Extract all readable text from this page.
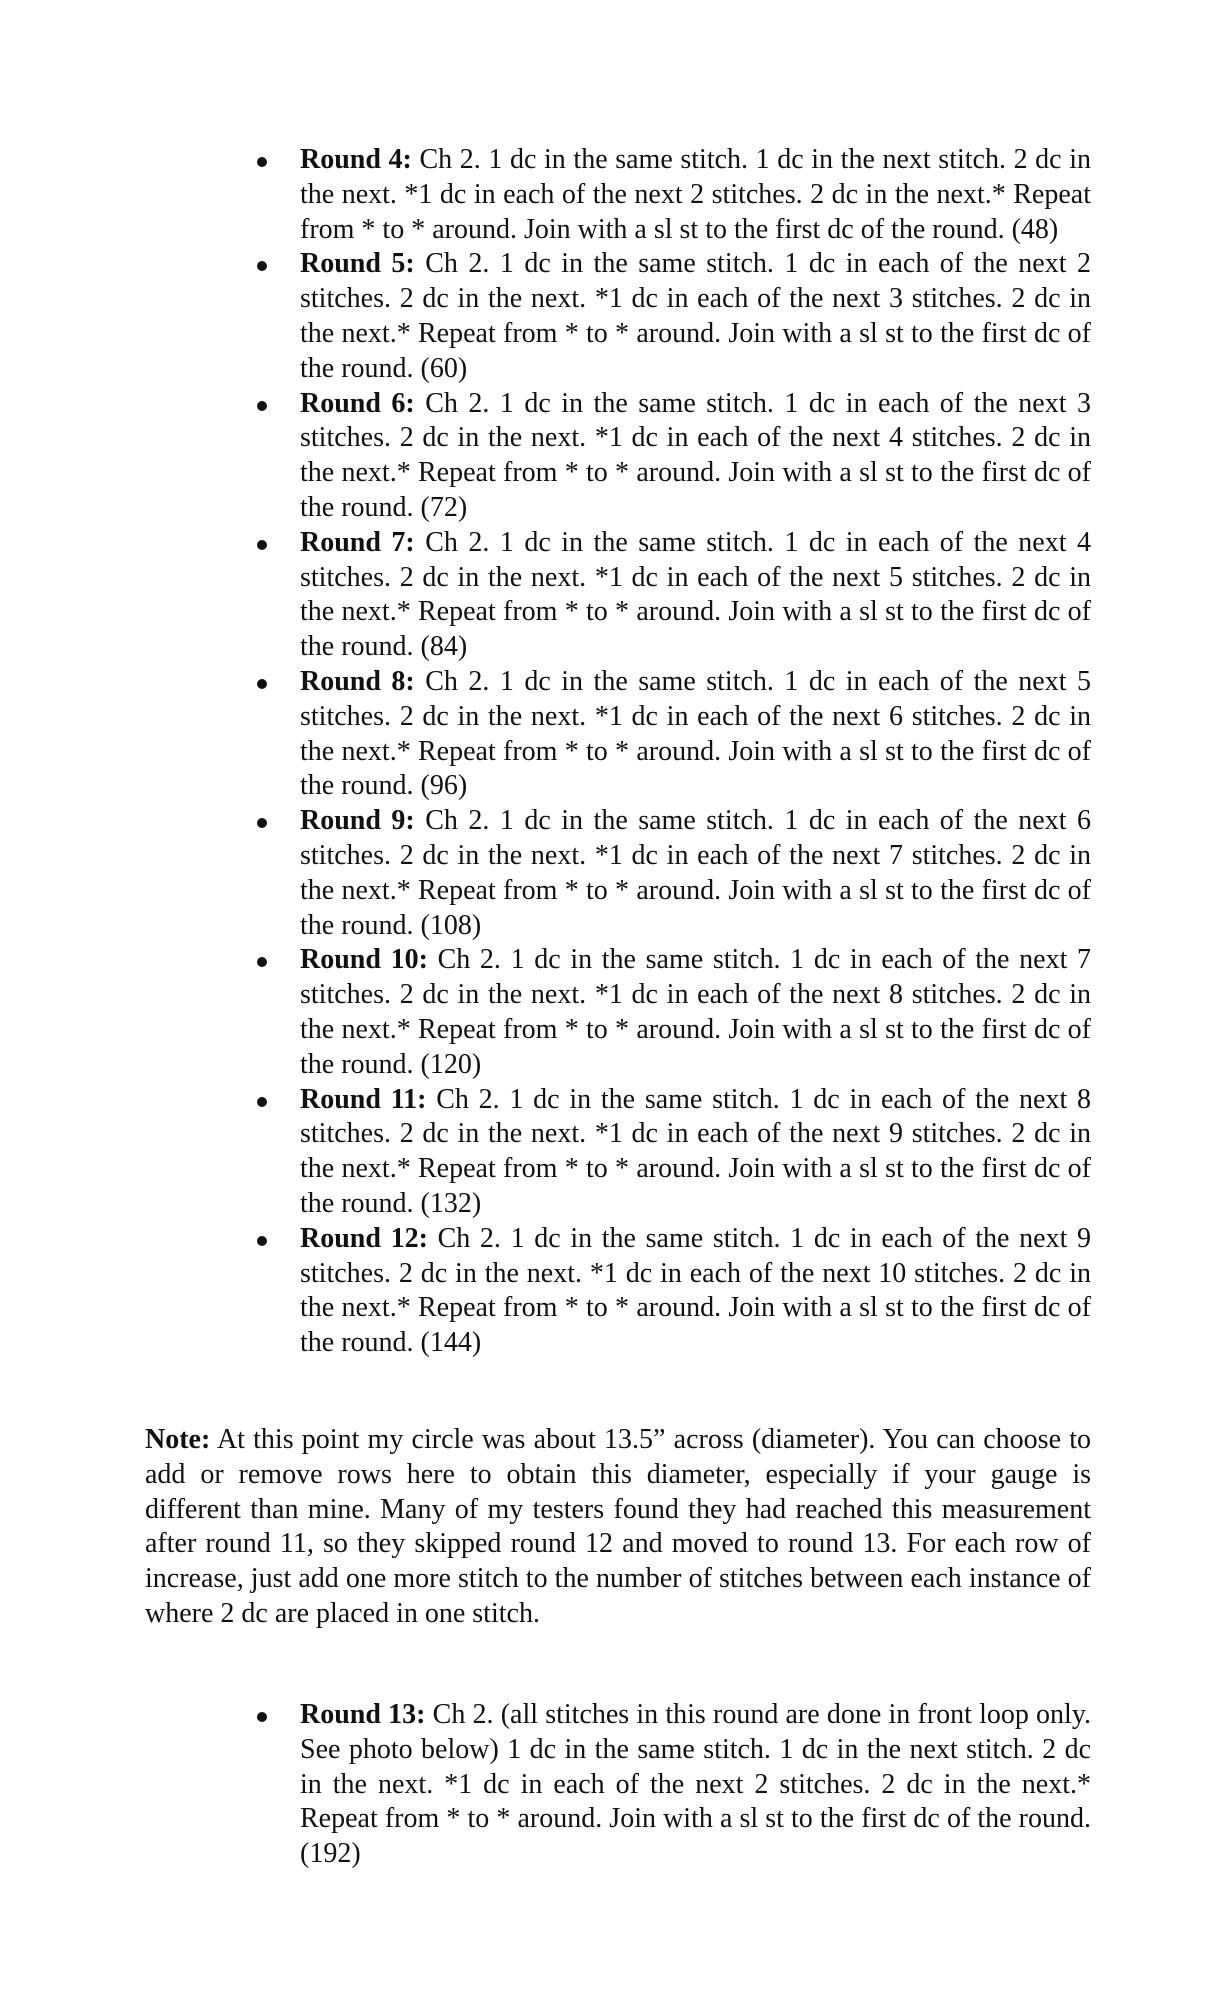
Round 4: Ch 2. 1 dc in the same stitch. 1 dc in the next stitch. 2 dc in the next. *1 dc in each of the next 2 stitches. 2 dc in the next.* Repeat from * to * around. Join with a sl st to the first dc of the round. (48)
Round 5: Ch 2. 1 dc in the same stitch. 1 dc in each of the next 2 stitches. 2 dc in the next. *1 dc in each of the next 3 stitches. 2 dc in the next.* Repeat from * to * around. Join with a sl st to the first dc of the round. (60)
Round 6: Ch 2. 1 dc in the same stitch. 1 dc in each of the next 3 stitches. 2 dc in the next. *1 dc in each of the next 4 stitches. 2 dc in the next.* Repeat from * to * around. Join with a sl st to the first dc of the round. (72)
Round 7: Ch 2. 1 dc in the same stitch. 1 dc in each of the next 4 stitches. 2 dc in the next. *1 dc in each of the next 5 stitches. 2 dc in the next.* Repeat from * to * around. Join with a sl st to the first dc of the round. (84)
Round 8: Ch 2. 1 dc in the same stitch. 1 dc in each of the next 5 stitches. 2 dc in the next. *1 dc in each of the next 6 stitches. 2 dc in the next.* Repeat from * to * around. Join with a sl st to the first dc of the round. (96)
Round 9: Ch 2. 1 dc in the same stitch. 1 dc in each of the next 6 stitches. 2 dc in the next. *1 dc in each of the next 7 stitches. 2 dc in the next.* Repeat from * to * around. Join with a sl st to the first dc of the round. (108)
Round 10: Ch 2. 1 dc in the same stitch. 1 dc in each of the next 7 stitches. 2 dc in the next. *1 dc in each of the next 8 stitches. 2 dc in the next.* Repeat from * to * around. Join with a sl st to the first dc of the round. (120)
Round 11: Ch 2. 1 dc in the same stitch. 1 dc in each of the next 8 stitches. 2 dc in the next. *1 dc in each of the next 9 stitches. 2 dc in the next.* Repeat from * to * around. Join with a sl st to the first dc of the round. (132)
Round 12: Ch 2. 1 dc in the same stitch. 1 dc in each of the next 9 stitches. 2 dc in the next. *1 dc in each of the next 10 stitches. 2 dc in the next.* Repeat from * to * around. Join with a sl st to the first dc of the round. (144)

Note: At this point my circle was about 13.5” across (diameter). You can choose to add or remove rows here to obtain this diameter, especially if your gauge is different than mine. Many of my testers found they had reached this measurement after round 11, so they skipped round 12 and moved to round 13. For each row of increase, just add one more stitch to the number of stitches between each instance of where 2 dc are placed in one stitch.

Round 13: Ch 2. (all stitches in this round are done in front loop only. See photo below) 1 dc in the same stitch. 1 dc in the next stitch. 2 dc in the next. *1 dc in each of the next 2 stitches. 2 dc in the next.* Repeat from * to * around. Join with a sl st to the first dc of the round. (192)
